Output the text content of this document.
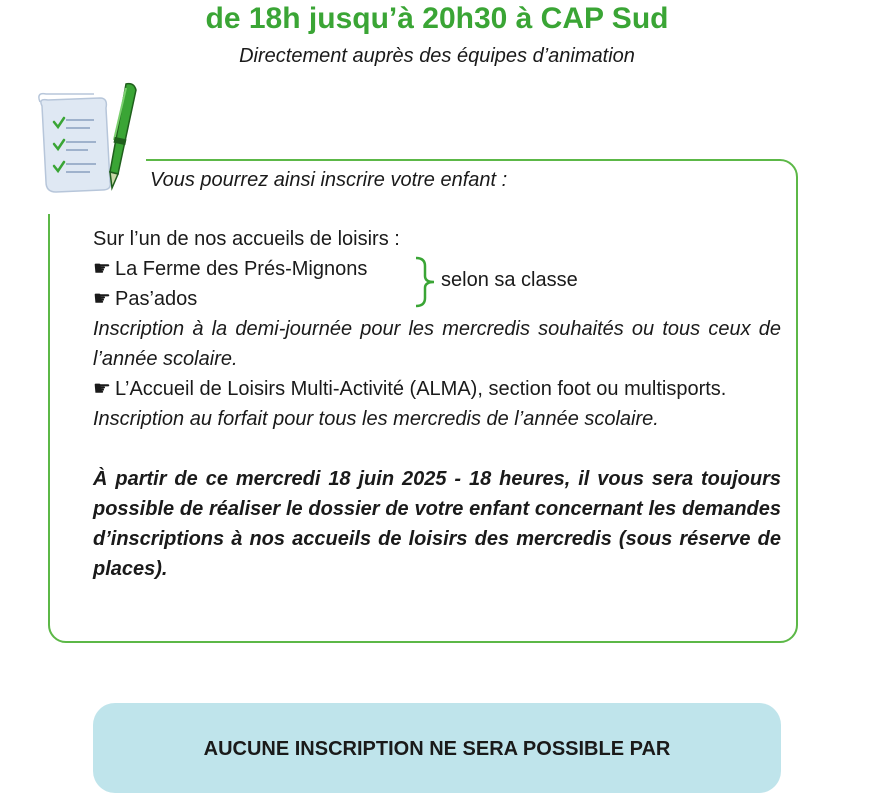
de 18h jusqu’à 20h30 à CAP Sud
Directement auprès des équipes d’animation
Vous pourrez ainsi inscrire votre enfant :
Sur l’un de nos accueils de loisirs :
☛ La Ferme des Prés-Mignons
☛ Pas’ados
Inscription à la demi-journée pour les mercredis souhaités ou tous ceux de l’année scolaire.
☛ L’Accueil de Loisirs Multi-Activité (ALMA), section foot ou multisports.
Inscription au forfait pour tous les mercredis de l’année scolaire.
À partir de ce mercredi 18 juin 2025 - 18 heures, il vous sera toujours possible de réaliser le dossier de votre enfant concernant les demandes d’inscriptions à nos accueils de loisirs des mercredis (sous réserve de places).
selon sa classe
AUCUNE INSCRIPTION NE SERA POSSIBLE PAR
